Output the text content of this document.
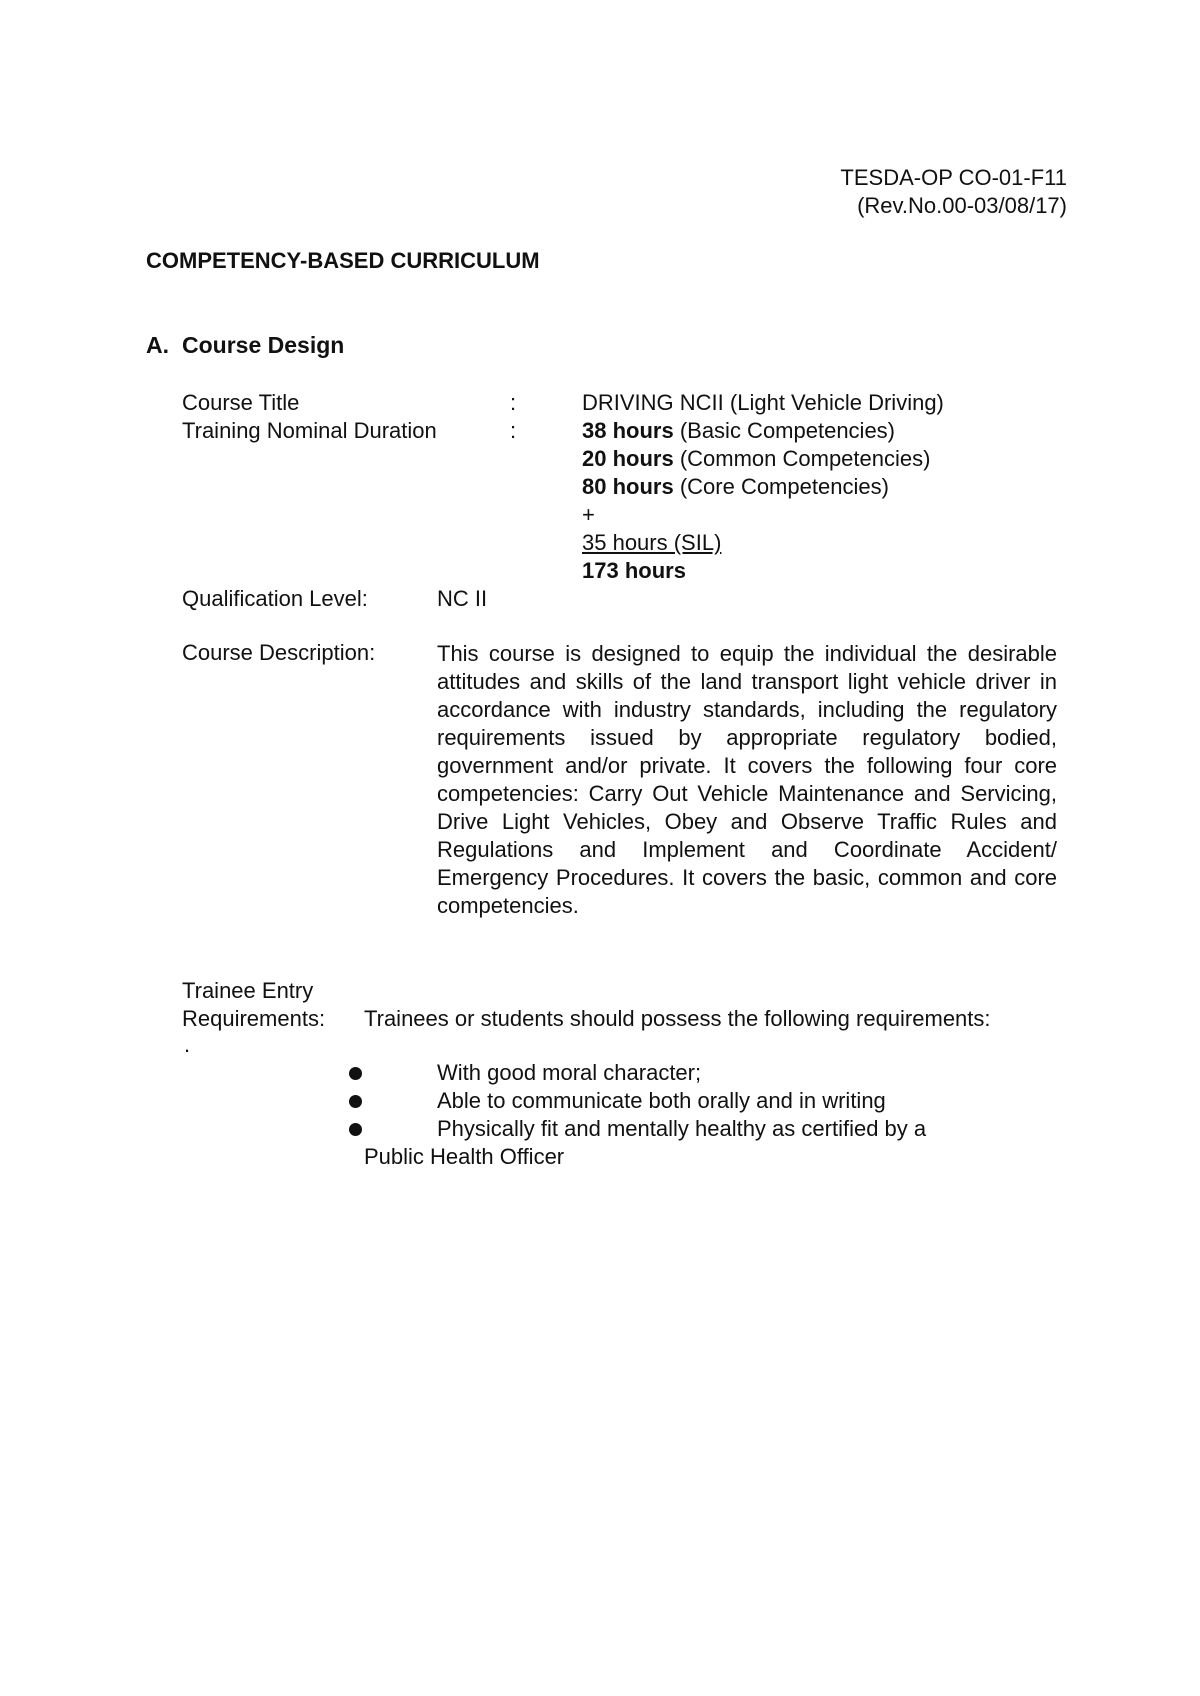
TESDA-OP CO-01-F11
(Rev.No.00-03/08/17)
COMPETENCY-BASED CURRICULUM
A. Course Design
Course Title	:	DRIVING NCII (Light Vehicle Driving)
Training Nominal Duration	:	38 hours (Basic Competencies)
20 hours (Common Competencies)
80 hours (Core Competencies)
+
35 hours (SIL)
173 hours
Qualification Level:	NC II
Course Description:	This course is designed to equip the individual the desirable attitudes and skills of the land transport light vehicle driver in accordance with industry standards, including the regulatory requirements issued by appropriate regulatory bodied, government and/or private. It covers the following four core competencies: Carry Out Vehicle Maintenance and Servicing, Drive Light Vehicles, Obey and Observe Traffic Rules and Regulations and Implement and Coordinate Accident/ Emergency Procedures. It covers the basic, common and core competencies.
Trainee Entry
Requirements: Trainees or students should possess the following requirements:
.
With good moral character;
Able to communicate both orally and in writing
Physically fit and mentally healthy as certified by a
Public Health Officer
